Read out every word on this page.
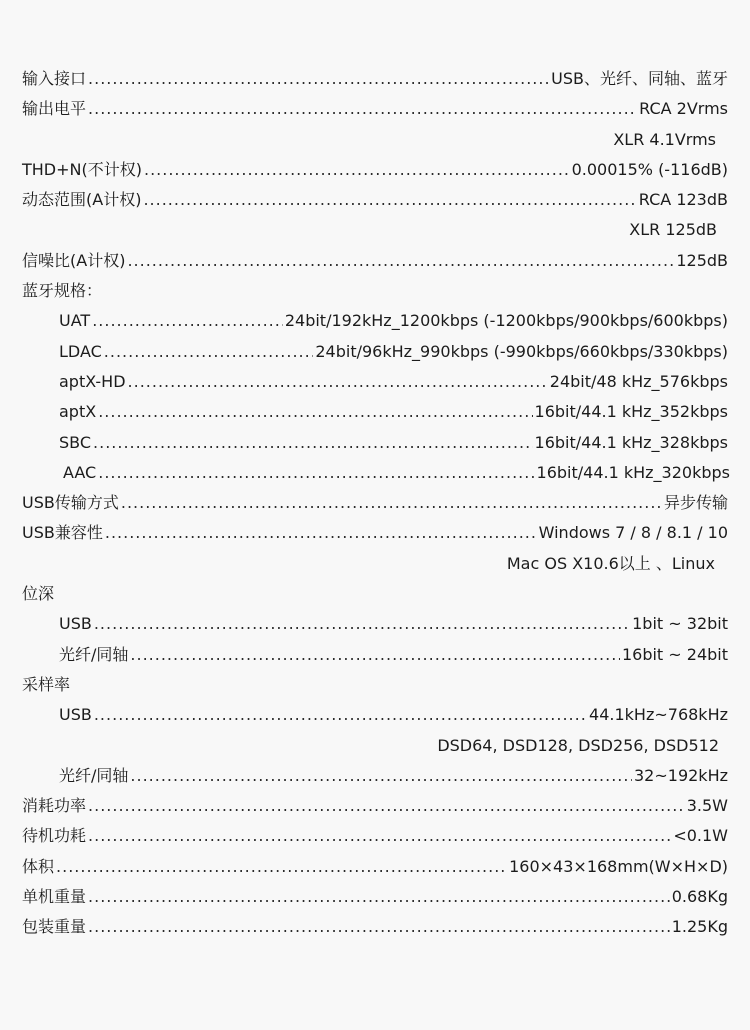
输入接口 .....	USB、光纤、同轴、蓝牙
输出电平 .....	RCA 2Vrms
XLR 4.1Vrms
THD+N(不计权) .....	0.00015% (-116dB)
动态范围(A计权) .....	RCA 123dB
XLR 125dB
信噪比(A计权) .....	125dB
蓝牙规格：
UAT .....	24bit/192kHz_1200kbps (-1200kbps/900kbps/600kbps)
LDAC .....	24bit/96kHz_990kbps (-990kbps/660kbps/330kbps)
aptX-HD .....	24bit/48 kHz_576kbps
aptX .....	16bit/44.1 kHz_352kbps
SBC .....	16bit/44.1 kHz_328kbps
AAC .....	16bit/44.1 kHz_320kbps
USB传输方式 .....	异步传输
USB兼容性 .....	Windows 7 / 8 / 8.1 / 10
Mac OS X10.6以上 、Linux
位深
USB .....	1bit ~ 32bit
光纤/同轴 .....	16bit ~ 24bit
采样率
USB .....	44.1kHz~768kHz
DSD64, DSD128, DSD256, DSD512
光纤/同轴 .....	32~192kHz
消耗功率 .....	3.5W
待机功耗 .....	<0.1W
体积 .....	160×43×168mm(W×H×D)
单机重量 .....	0.68Kg
包装重量 .....	1.25Kg
